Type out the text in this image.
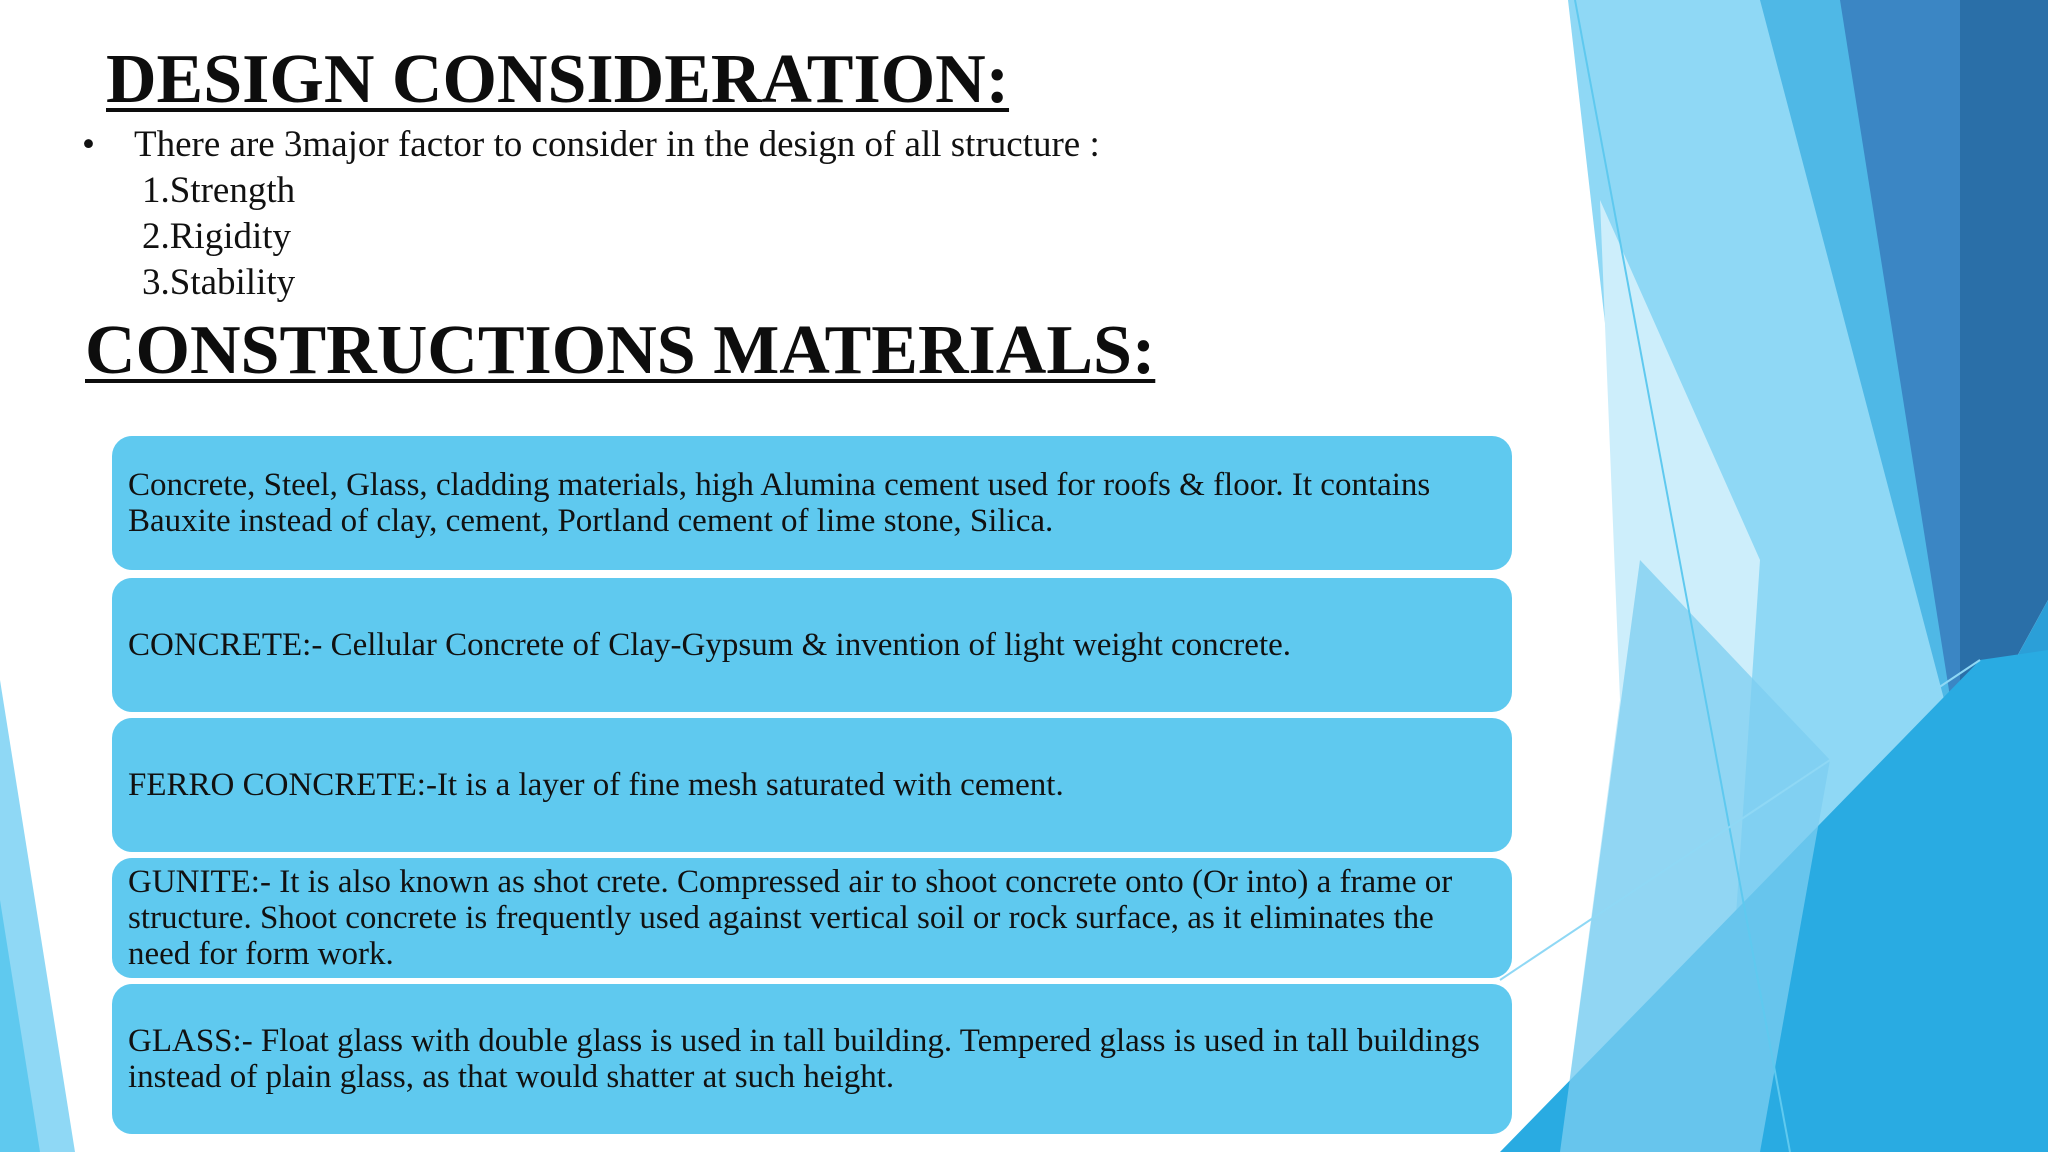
DESIGN CONSIDERATION:
•	There are 3major factor to consider in the design of all structure :
1.Strength
2.Rigidity
3.Stability
CONSTRUCTIONS MATERIALS:
Concrete, Steel, Glass, cladding materials, high Alumina cement used for roofs & floor. It contains Bauxite instead of clay, cement, Portland cement of lime stone, Silica.
CONCRETE:- Cellular Concrete of Clay-Gypsum & invention of light weight concrete.
FERRO CONCRETE:-It is a layer of fine mesh saturated with cement.
GUNITE:- It is also known as shot crete. Compressed air to shoot concrete onto (Or into) a frame or structure. Shoot concrete is frequently used against vertical soil or rock surface, as it eliminates the need for form work.
GLASS:- Float glass with double glass is used in tall building. Tempered glass is used in tall buildings instead of plain glass, as that would shatter at such height.
